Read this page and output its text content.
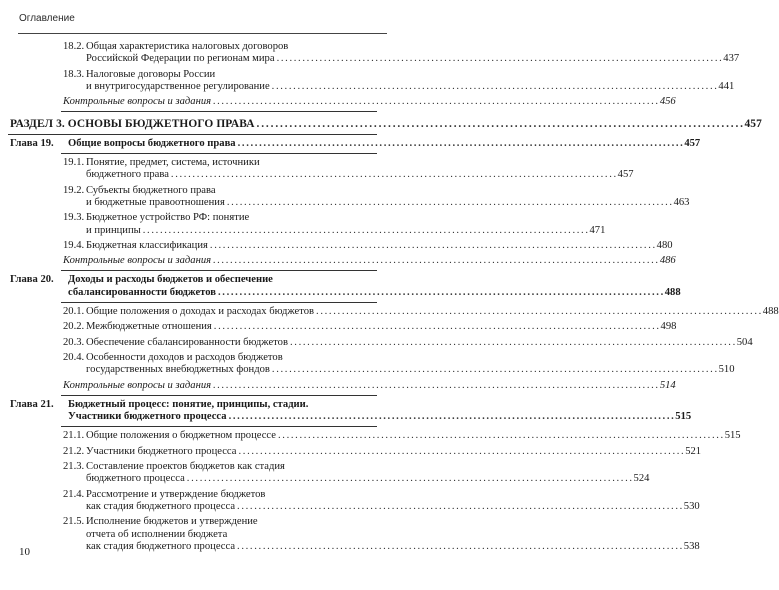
Оглавление
18.2. Общая характеристика налоговых договоров
Российской Федерации по регионам мира . . .	437
18.3. Налоговые договоры России
и внутригосударственное регулирование . . .	441
Контрольные вопросы и задания . . .	456
РАЗДЕЛ 3. ОСНОВЫ БЮДЖЕТНОГО ПРАВА . . .	457
Глава 19. Общие вопросы бюджетного права . . .	457
19.1. Понятие, предмет, система, источники
бюджетного права . . .	457
19.2. Субъекты бюджетного права
и бюджетные правоотношения . . .	463
19.3. Бюджетное устройство РФ: понятие
и принципы . . .	471
19.4. Бюджетная классификация . . .	480
Контрольные вопросы и задания . . .	486
Глава 20. Доходы и расходы бюджетов и обеспечение
сбалансированности бюджетов . . .	488
20.1. Общие положения о доходах и расходах бюджетов . . .	488
20.2. Межбюджетные отношения . . .	498
20.3. Обеспечение сбалансированности бюджетов . . .	504
20.4. Особенности доходов и расходов бюджетов
государственных внебюджетных фондов . . .	510
Контрольные вопросы и задания . . .	514
Глава 21. Бюджетный процесс: понятие, принципы, стадии.
Участники бюджетного процесса . . .	515
21.1. Общие положения о бюджетном процессе . . .	515
21.2. Участники бюджетного процесса . . .	521
21.3. Составление проектов бюджетов как стадия
бюджетного процесса . . .	524
21.4. Рассмотрение и утверждение бюджетов
как стадия бюджетного процесса . . .	530
21.5. Исполнение бюджетов и утверждение
отчета об исполнении бюджета
как стадия бюджетного процесса . . .	538
10
